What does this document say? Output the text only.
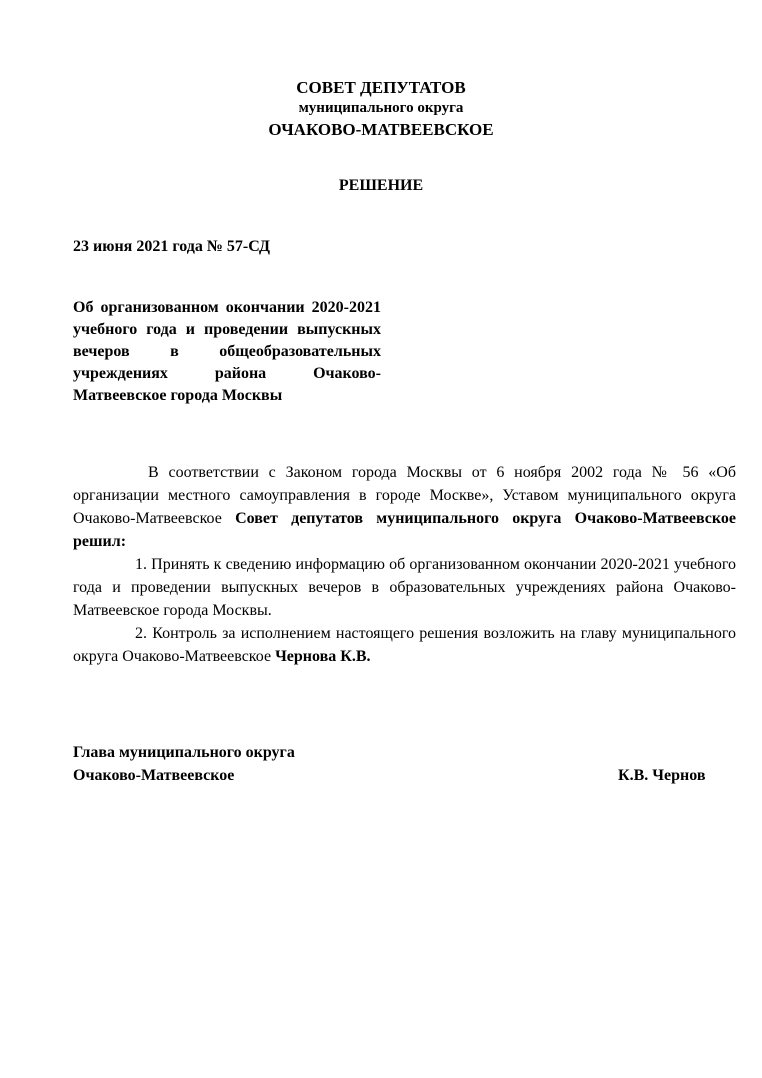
СОВЕТ ДЕПУТАТОВ
муниципального округа
ОЧАКОВО-МАТВЕЕВСКОЕ
РЕШЕНИЕ
23 июня 2021 года № 57-СД
Об организованном окончании 2020-2021 учебного года и проведении выпускных вечеров в общеобразовательных учреждениях района Очаково-Матвеевское города Москвы

В соответствии с Законом города Москвы от 6 ноября 2002 года № 56 «Об организации местного самоуправления в городе Москве», Уставом муниципального округа Очаково-Матвеевское Совет депутатов муниципального округа Очаково-Матвеевское решил:

1. Принять к сведению информацию об организованном окончании 2020-2021 учебного года и проведении выпускных вечеров в образовательных учреждениях района Очаково-Матвеевское города Москвы.

2. Контроль за исполнением настоящего решения возложить на главу муниципального округа Очаково-Матвеевское Чернова К.В.

Глава муниципального округа
Очаково-Матвеевское	К.В. Чернов
